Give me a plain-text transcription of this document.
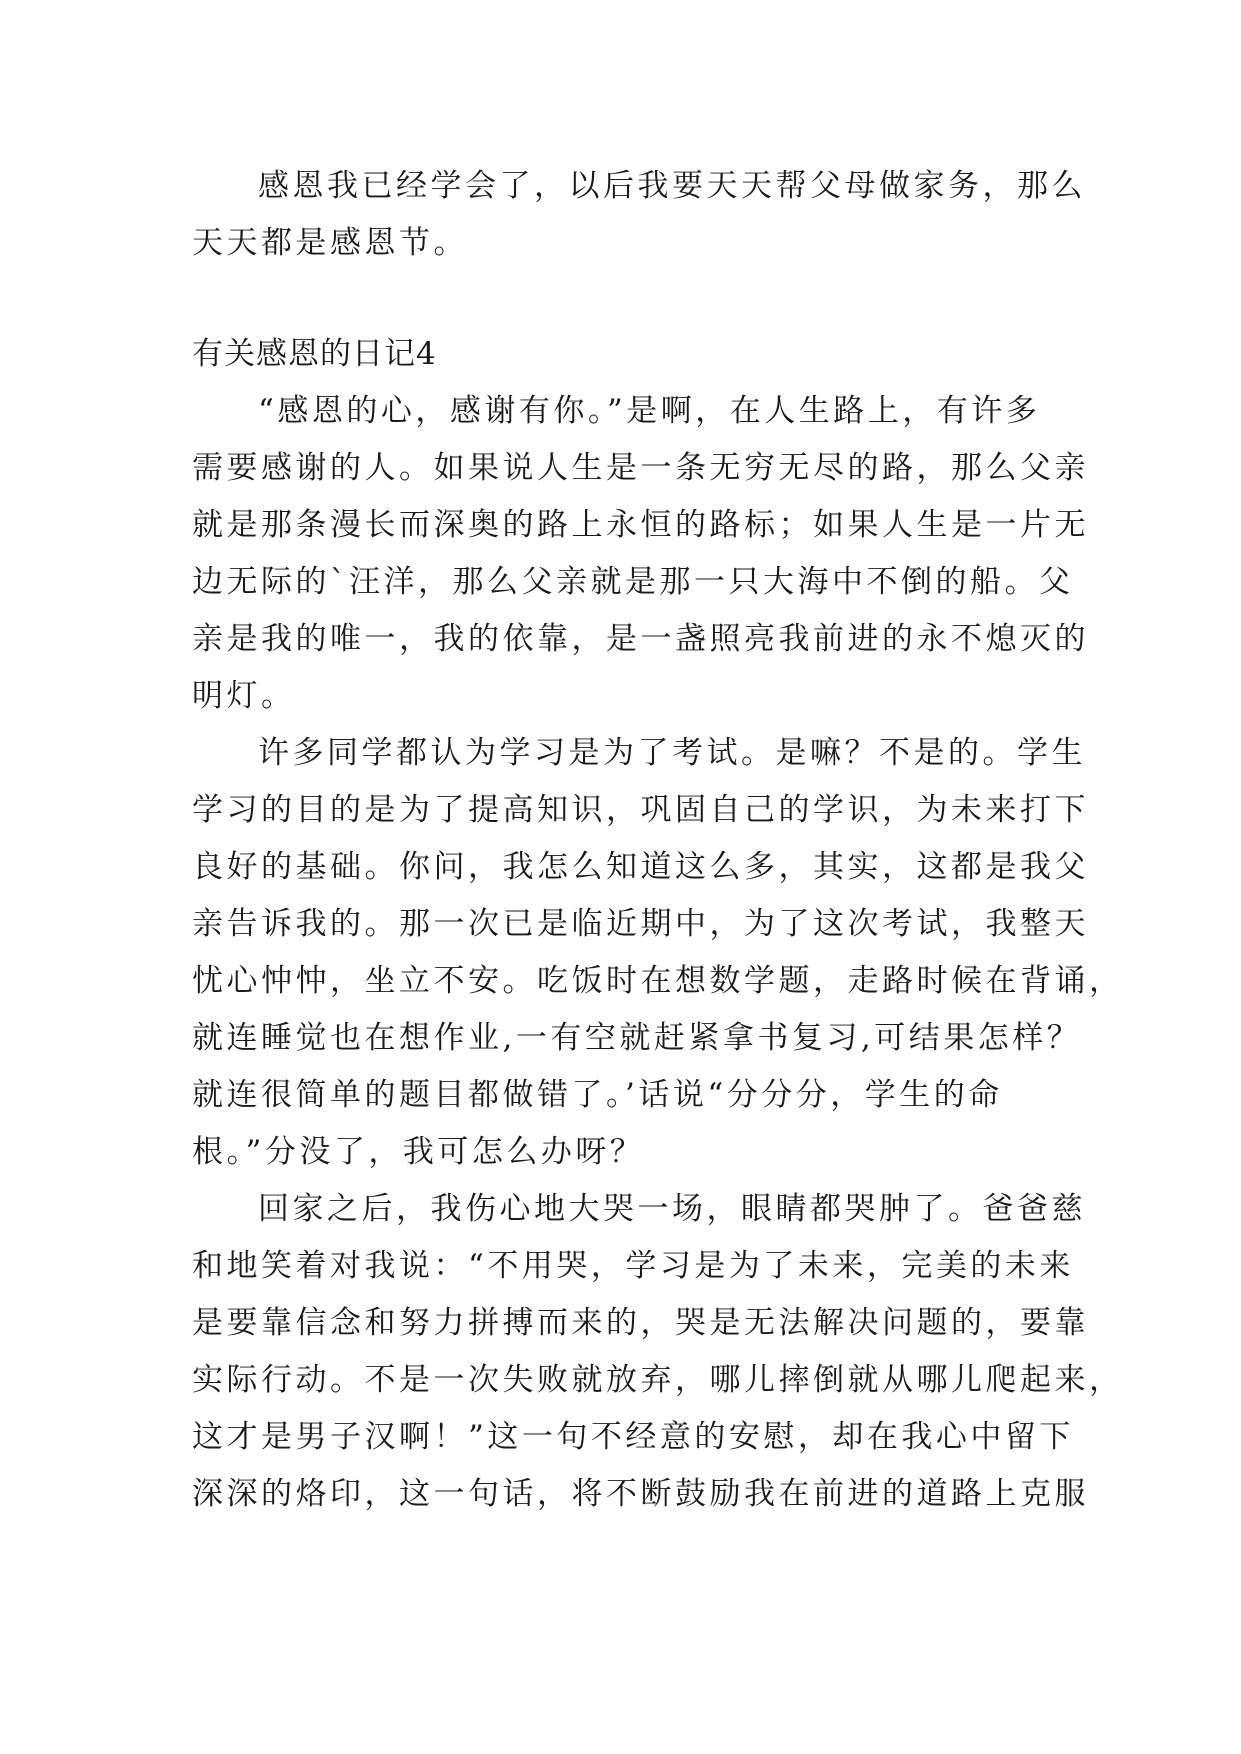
感恩我已经学会了，以后我要天天帮父母做家务，那么
天天都是感恩节。
有关感恩的日记4
“感恩的心，感谢有你。”是啊，在人生路上，有许多
需要感谢的人。如果说人生是一条无穷无尽的路，那么父亲
就是那条漫长而深奥的路上永恒的路标；如果人生是一片无
边无际的`汪洋，那么父亲就是那一只大海中不倒的船。父
亲是我的唯一，我的依靠，是一盏照亮我前进的永不熄灭的
明灯。
许多同学都认为学习是为了考试。是嘛？不是的。学生
学习的目的是为了提高知识，巩固自己的学识，为未来打下
良好的基础。你问，我怎么知道这么多，其实，这都是我父
亲告诉我的。那一次已是临近期中，为了这次考试，我整天
忧心忡忡，坐立不安。吃饭时在想数学题，走路时候在背诵，
就连睡觉也在想作业,一有空就赶紧拿书复习,可结果怎样？
就连很简单的题目都做错了。’话说“分分分，学生的命
根。”分没了，我可怎么办呀？
回家之后，我伤心地大哭一场，眼睛都哭肿了。爸爸慈
和地笑着对我说：“不用哭，学习是为了未来，完美的未来
是要靠信念和努力拼搏而来的，哭是无法解决问题的，要靠
实际行动。不是一次失败就放弃，哪儿摔倒就从哪儿爬起来，
这才是男子汉啊！”这一句不经意的安慰，却在我心中留下
深深的烙印，这一句话，将不断鼓励我在前进的道路上克服
